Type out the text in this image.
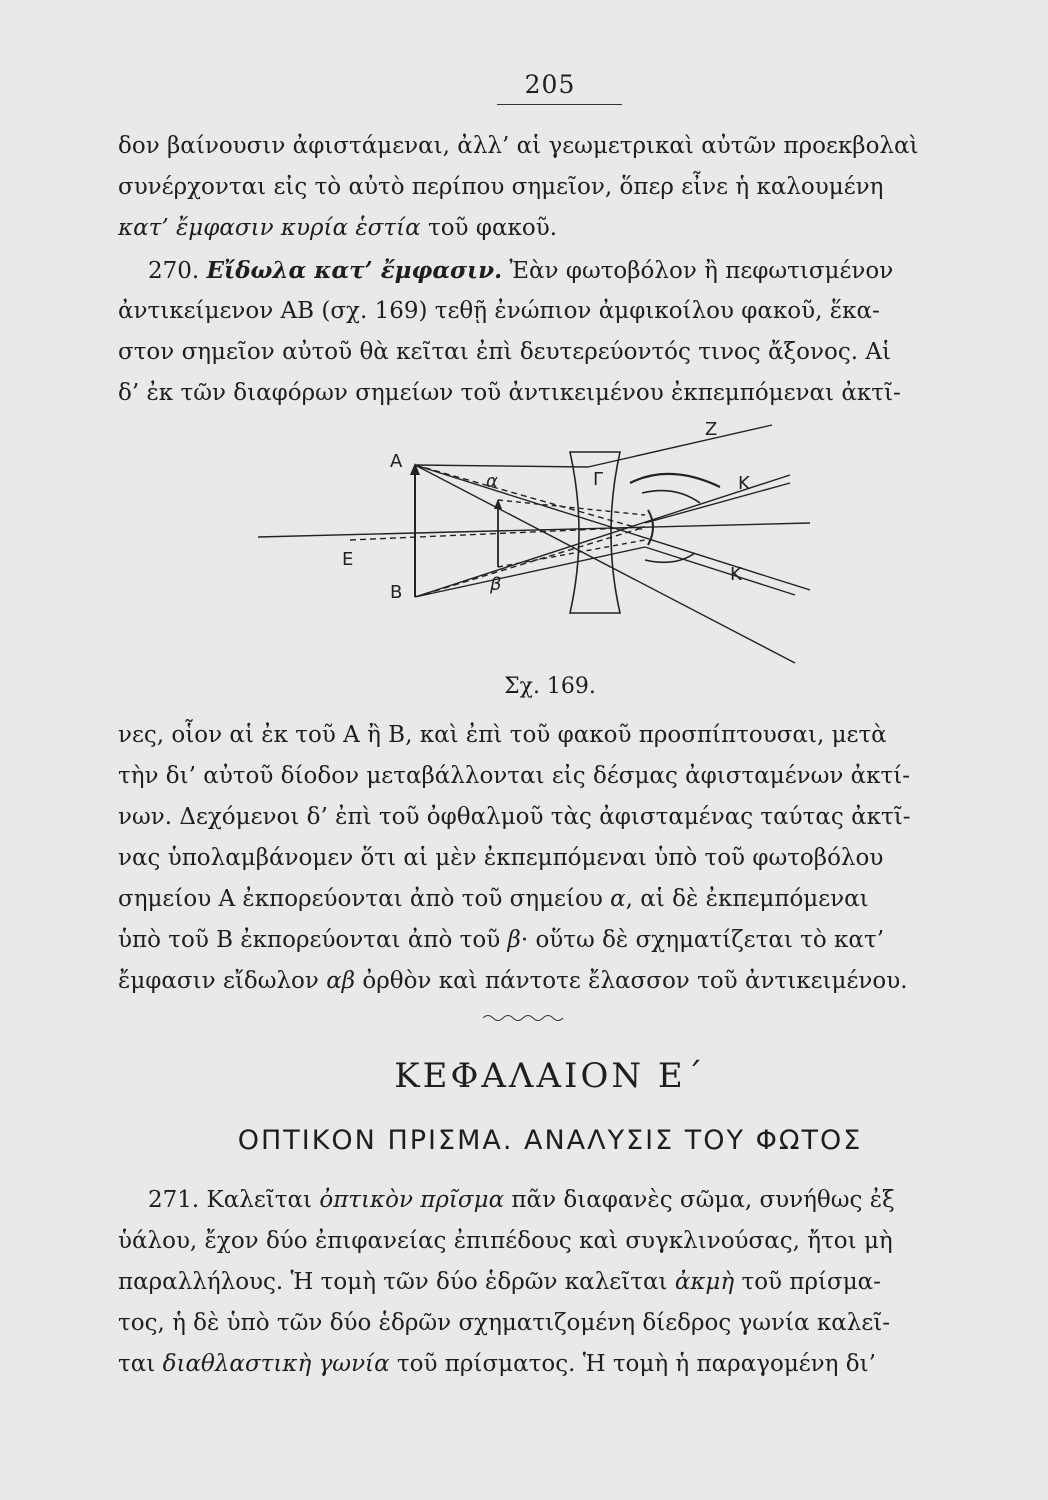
205
δον βαίνουσιν ἀφιστάμεναι, ἀλλ’ αἱ γεωμετρικαὶ αὐτῶν προεκβολαὶ
συνέρχονται εἰς τὸ αὐτὸ περίπου σημεῖον, ὅπερ εἶνε ἡ καλουμένη
κατ’ ἔμφασιν κυρία ἑστία τοῦ φακοῦ.
270. Εἴδωλα κατ’ ἔμφασιν. Ἐὰν φωτοβόλον ἢ πεφωτισμένον
ἀντικείμενον ΑΒ (σχ. 169) τεθῇ ἐνώπιον ἀμφικοίλου φακοῦ, ἕκα-
στον σημεῖον αὐτοῦ θὰ κεῖται ἐπὶ δευτερεύοντός τινος ἄξονος. Αἱ
δ’ ἐκ τῶν διαφόρων σημείων τοῦ ἀντικειμένου ἐκπεμπόμεναι ἀκτῖ-
Α
α	Γ
Z
Κ
Κ
Ε
Β	β
Σχ. 169.
νες, οἷον αἱ ἐκ τοῦ Α ἢ Β, καὶ ἐπὶ τοῦ φακοῦ προσπίπτουσαι, μετὰ
τὴν δι’ αὐτοῦ δίοδον μεταβάλλονται εἰς δέσμας ἀφισταμένων ἀκτί-
νων. Δεχόμενοι δ’ ἐπὶ τοῦ ὀφθαλμοῦ τὰς ἀφισταμένας ταύτας ἀκτῖ-
νας ὑπολαμβάνομεν ὅτι αἱ μὲν ἐκπεμπόμεναι ὑπὸ τοῦ φωτοβόλου
σημείου Α ἐκπορεύονται ἀπὸ τοῦ σημείου α, αἱ δὲ ἐκπεμπόμεναι
ὑπὸ τοῦ Β ἐκπορεύονται ἀπὸ τοῦ β· οὕτω δὲ σχηματίζεται τὸ κατ’
ἔμφασιν εἴδωλον αβ ὀρθὸν καὶ πάντοτε ἔλασσον τοῦ ἀντικειμένου.
ΚΕΦΑΛΑΙΟΝ Ε΄
ΟΠΤΙΚΟΝ ΠΡΙΣΜΑ. ΑΝΑΛΥΣΙΣ ΤΟΥ ΦΩΤΟΣ
271. Καλεῖται ὀπτικὸν πρῖσμα πᾶν διαφανὲς σῶμα, συνήθως ἐξ
ὑάλου, ἔχον δύο ἐπιφανείας ἐπιπέδους καὶ συγκλινούσας, ἤτοι μὴ
παραλλήλους. Ἡ τομὴ τῶν δύο ἑδρῶν καλεῖται ἀκμὴ τοῦ πρίσμα-
τος, ἡ δὲ ὑπὸ τῶν δύο ἑδρῶν σχηματιζομένη δίεδρος γωνία καλεῖ-
ται διαθλαστικὴ γωνία τοῦ πρίσματος. Ἡ τομὴ ἡ παραγομένη δι’
